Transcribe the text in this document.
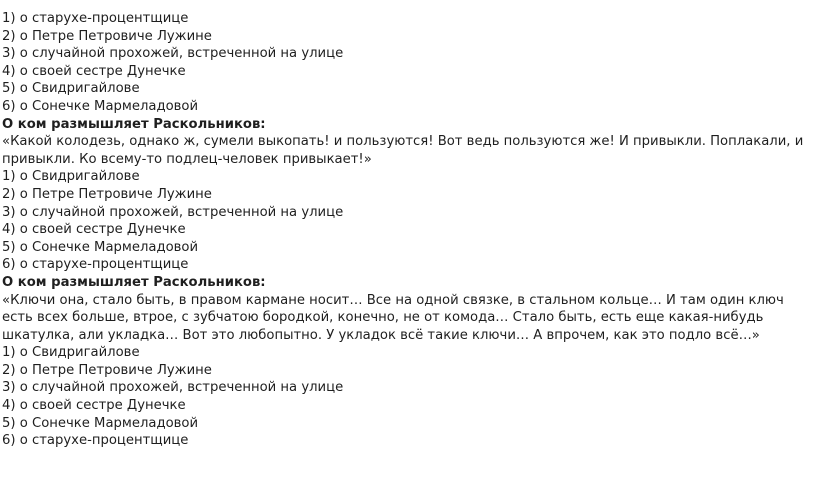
1) о старухе-процентщице
2) о Петре Петровиче Лужине
3) о случайной прохожей, встреченной на улице
4) о своей сестре Дунечке
5) о Свидригайлове
6) о Сонечке Мармеладовой
О ком размышляет Раскольников:
«Какой колодезь, однако ж, сумели выкопать! и пользуются! Вот ведь пользуются же! И привыкли. Поплакали, и привыкли. Ко всему-то подлец-человек привыкает!»
1) о Свидригайлове
2) о Петре Петровиче Лужине
3) о случайной прохожей, встреченной на улице
4) о своей сестре Дунечке
5) о Сонечке Мармеладовой
6) о старухе-процентщице
О ком размышляет Раскольников:
«Ключи она, стало быть, в правом кармане носит… Все на одной связке, в стальном кольце… И там один ключ есть всех больше, втрое, с зубчатою бородкой, конечно, не от комода… Стало быть, есть еще какая-нибудь шкатулка, али укладка… Вот это любопытно. У укладок всё такие ключи… А впрочем, как это подло всё…»
1) о Свидригайлове
2) о Петре Петровиче Лужине
3) о случайной прохожей, встреченной на улице
4) о своей сестре Дунечке
5) о Сонечке Мармеладовой
6) о старухе-процентщице
